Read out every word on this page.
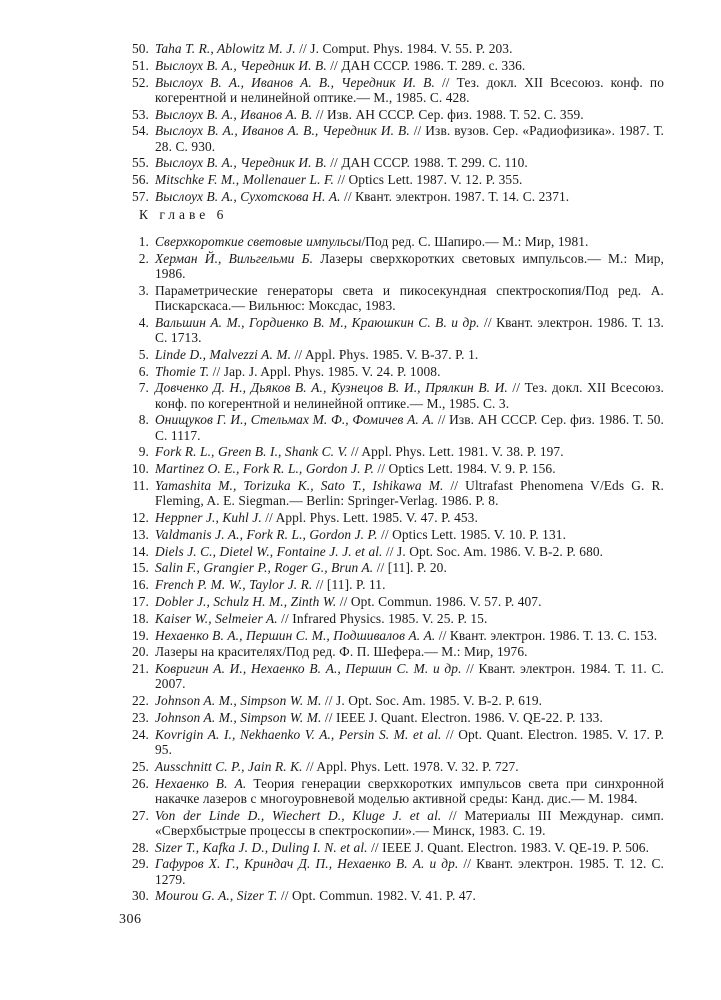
50. Taha T. R., Ablowitz M. J. // J. Comput. Phys. 1984. V. 55. P. 203.
51. Выслоух В. А., Чередник И. В. // ДАН СССР. 1986. Т. 289. с. 336.
52. Выслоух В. А., Иванов А. В., Чередник И. В. // Тез. докл. XII Всесоюз. конф. по когерентной и нелинейной оптике.— М., 1985. С. 428.
53. Выслоух В. А., Иванов А. В. // Изв. АН СССР. Сер. физ. 1988. Т. 52. С. 359.
54. Выслоух В. А., Иванов А. В., Чередник И. В. // Изв. вузов. Сер. «Радиофизика». 1987. Т. 28. С. 930.
55. Выслоух В. А., Чередник И. В. // ДАН СССР. 1988. Т. 299. С. 110.
56. Mitschke F. M., Mollenauer L. F. // Optics Lett. 1987. V. 12. P. 355.
57. Выслоух В. А., Сухотскова Н. А. // Квант. электрон. 1987. Т. 14. С. 2371.
К главе 6
1. Сверхкороткие световые импульсы/Под ред. С. Шапиро.— М.: Мир, 1981.
2. Херман Й., Вильгельми Б. Лазеры сверхкоротких световых импульсов.— М.: Мир, 1986.
3. Параметрические генераторы света и пикосекундная спектроскопия/Под ред. А. Пискарскаса.— Вильнюс: Моксдас, 1983.
4. Вальшин А. М., Гордиенко В. М., Краюшкин С. В. и др. // Квант. электрон. 1986. Т. 13. С. 1713.
5. Linde D., Malvezzi A. M. // Appl. Phys. 1985. V. B-37. P. 1.
6. Thomie T. // Jap. J. Appl. Phys. 1985. V. 24. P. 1008.
7. Довченко Д. Н., Дьяков В. А., Кузнецов В. И., Прялкин В. И. // Тез. докл. XII Всесоюз. конф. по когерентной и нелинейной оптике.— М., 1985. С. 3.
8. Онищуков Г. И., Стельмах М. Ф., Фомичев А. А. // Изв. АН СССР. Сер. физ. 1986. Т. 50. С. 1117.
9. Fork R. L., Green B. I., Shank C. V. // Appl. Phys. Lett. 1981. V. 38. P. 197.
10. Martinez O. E., Fork R. L., Gordon J. P. // Optics Lett. 1984. V. 9. P. 156.
11. Yamashita M., Torizuka K., Sato T., Ishikawa M. // Ultrafast Phenomena V/Eds G. R. Fleming, A. E. Siegman.— Berlin: Springer-Verlag. 1986. P. 8.
12. Heppner J., Kuhl J. // Appl. Phys. Lett. 1985. V. 47. P. 453.
13. Valdmanis J. A., Fork R. L., Gordon J. P. // Optics Lett. 1985. V. 10. P. 131.
14. Diels J. C., Dietel W., Fontaine J. J. et al. // J. Opt. Soc. Am. 1986. V. B-2. P. 680.
15. Salin F., Grangier P., Roger G., Brun A. // [11]. P. 20.
16. French P. M. W., Taylor J. R. // [11]. P. 11.
17. Dobler J., Schulz H. M., Zinth W. // Opt. Commun. 1986. V. 57. P. 407.
18. Kaiser W., Selmeier A. // Infrared Physics. 1985. V. 25. P. 15.
19. Нехаенко В. А., Першин С. М., Подшивалов А. А. // Квант. электрон. 1986. Т. 13. С. 153.
20. Лазеры на красителях/Под ред. Ф. П. Шефера.— М.: Мир, 1976.
21. Ковригин А. И., Нехаенко В. А., Першин С. М. и др. // Квант. электрон. 1984. Т. 11. С. 2007.
22. Johnson A. M., Simpson W. M. // J. Opt. Soc. Am. 1985. V. B-2. P. 619.
23. Johnson A. M., Simpson W. M. // IEEE J. Quant. Electron. 1986. V. QE-22. P. 133.
24. Kovrigin A. I., Nekhaenko V. A., Persin S. M. et al. // Opt. Quant. Electron. 1985. V. 17. P. 95.
25. Ausschnitt C. P., Jain R. K. // Appl. Phys. Lett. 1978. V. 32. P. 727.
26. Нехаенко В. А. Теория генерации сверхкоротких импульсов света при синхронной накачке лазеров с многоуровневой моделью активной среды: Канд. дис.— М. 1984.
27. Von der Linde D., Wiechert D., Kluge J. et al. // Материалы III Междунар. симп. «Сверхбыстрые процессы в спектроскопии».— Минск, 1983. С. 19.
28. Sizer T., Kafka J. D., Duling I. N. et al. // IEEE J. Quant. Electron. 1983. V. QE-19. P. 506.
29. Гафуров Х. Г., Криндач Д. П., Нехаенко В. А. и др. // Квант. электрон. 1985. Т. 12. С. 1279.
30. Mourou G. A., Sizer T. // Opt. Commun. 1982. V. 41. P. 47.
306
